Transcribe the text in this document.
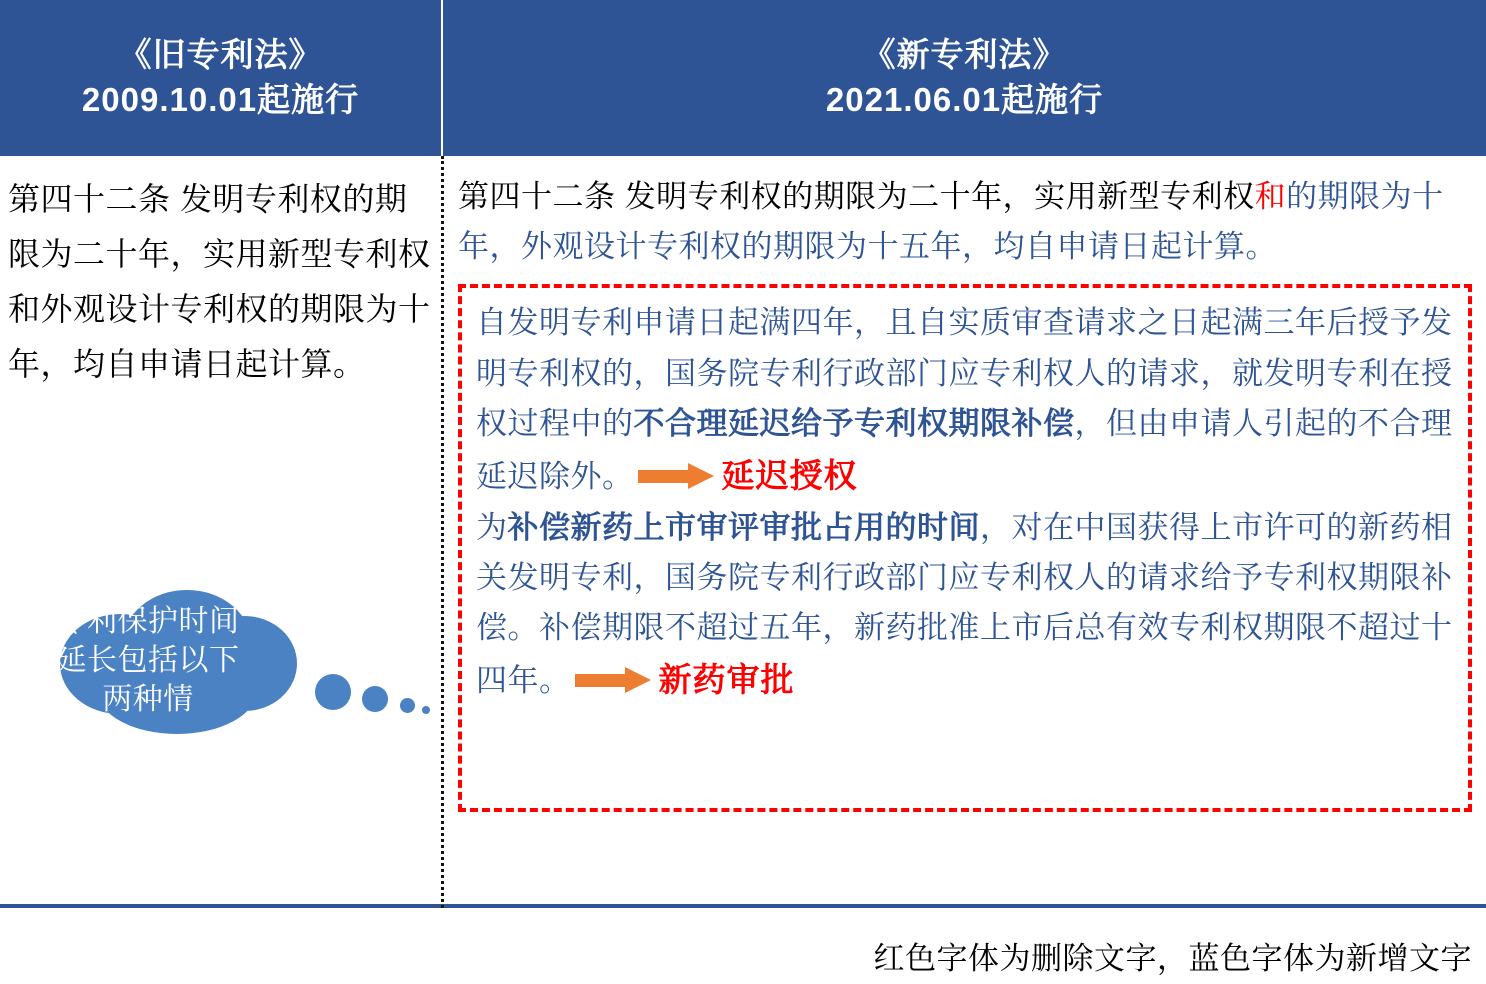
《旧专利法》
2009.10.01起施行
《新专利法》
2021.06.01起施行
第四十二条 发明专利权的期限为二十年，实用新型专利权和外观设计专利权的期限为十年，均自申请日起计算。
专利保护时间延长包括以下两种情
第四十二条 发明专利权的期限为二十年，实用新型专利权和的期限为十年，外观设计专利权的期限为十五年，均自申请日起计算。
自发明专利申请日起满四年，且自实质审查请求之日起满三年后授予发明专利权的，国务院专利行政部门应专利权人的请求，就发明专利在授权过程中的不合理延迟给予专利权期限补偿，但由申请人引起的不合理延迟除外。	延迟授权
为补偿新药上市审评审批占用的时间，对在中国获得上市许可的新药相关发明专利，国务院专利行政部门应专利权人的请求给予专利权期限补偿。补偿期限不超过五年，新药批准上市后总有效专利权期限不超过十四年。	新药审批
红色字体为删除文字，蓝色字体为新增文字
